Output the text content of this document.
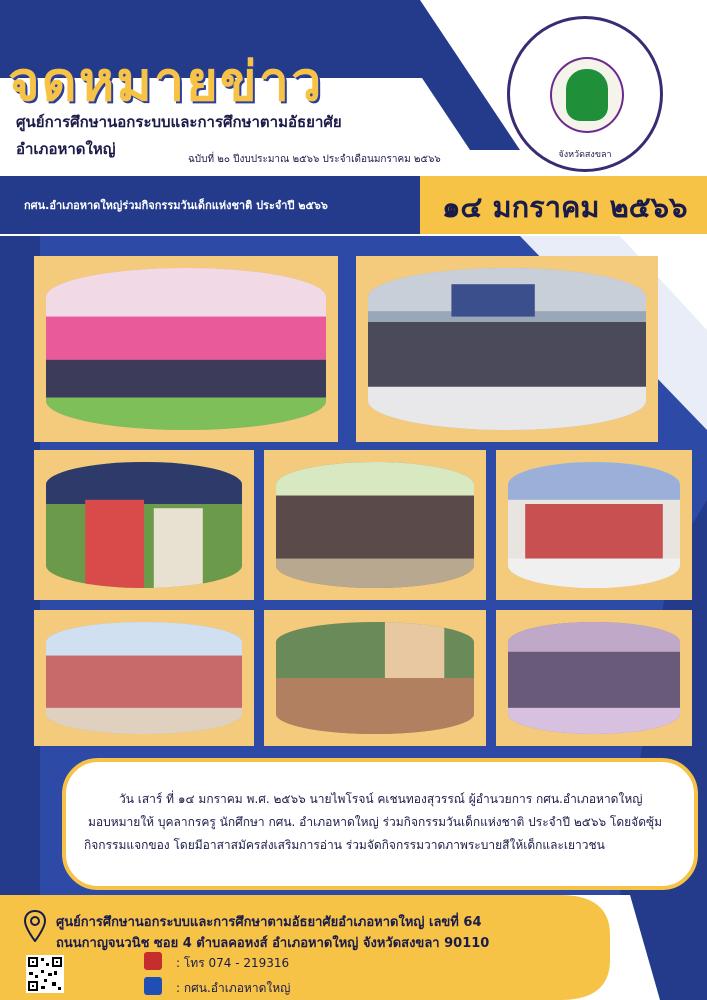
จดหมายข่าว
ศูนย์การศึกษานอกระบบและการศึกษาตามอัธยาศัย
อำเภอหาดใหญ่
ฉบับที่ ๒๐ ปีงบประมาณ ๒๕๖๖ ประจำเดือนมกราคม ๒๕๖๖	จังหวัดสงขลา
กศน.อำเภอหาดใหญ่ร่วมกิจกรรมวันเด็กแห่งชาติ ประจำปี ๒๕๖๖	๑๔ มกราคม ๒๕๖๖

วัน เสาร์ ที่ ๑๔ มกราคม พ.ศ. ๒๕๖๖ นายไพโรจน์ คเชนทองสุวรรณ์ ผู้อำนวยการ กศน.อำเภอหาดใหญ่

มอบหมายให้ บุคลากรครู นักศึกษา กศน. อำเภอหาดใหญ่ ร่วมกิจกรรมวันเด็กแห่งชาติ ประจำปี ๒๕๖๖ โดยจัดซุ้ม

กิจกรรมแจกของ โดยมีอาสาสมัครส่งเสริมการอ่าน ร่วมจัดกิจกรรมวาดภาพระบายสีให้เด็กและเยาวชน

ศูนย์การศึกษานอกระบบและการศึกษาตามอัธยาศัยอำเภอหาดใหญ่ เลขที่ 64
ถนนกาญจนวนิช ซอย 4 ตำบลคอหงส์ อำเภอหาดใหญ่ จังหวัดสงขลา 90110
: โทร 074 - 219316
: กศน.อำเภอหาดใหญ่
